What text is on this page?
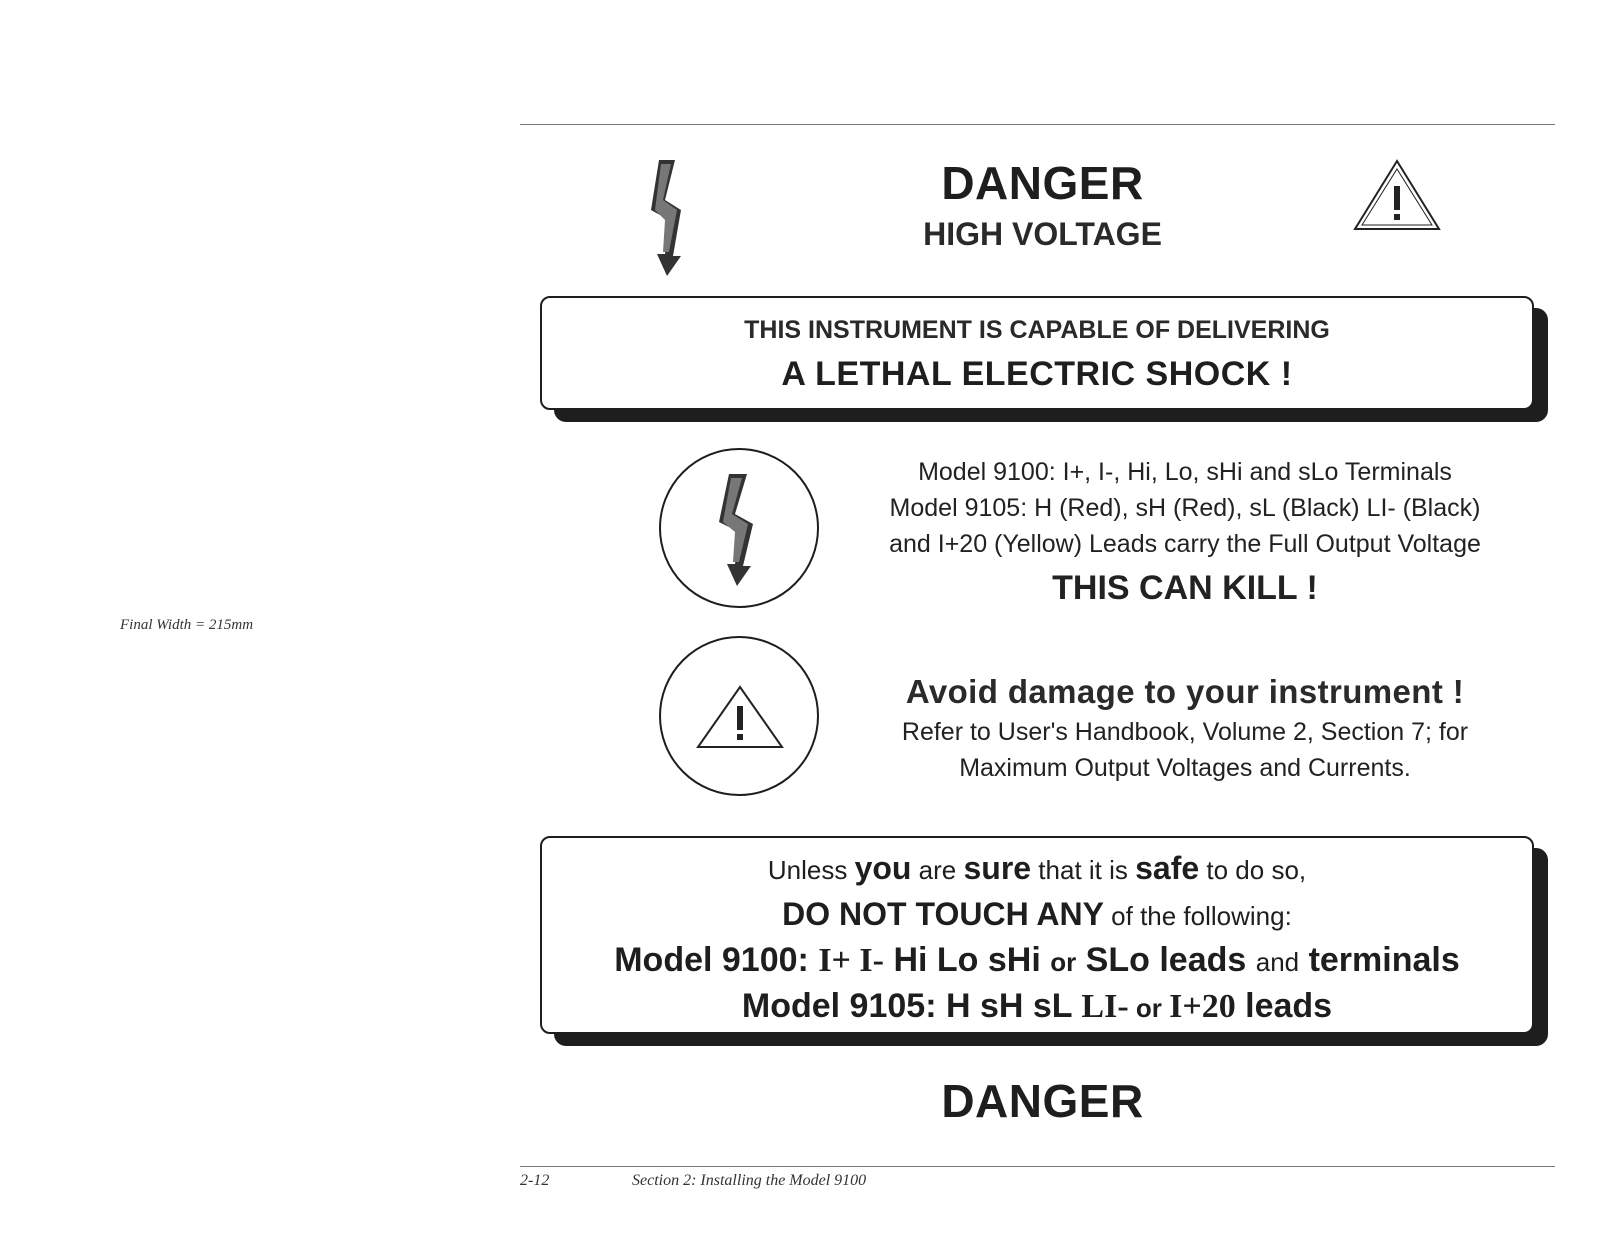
Final Width = 215mm
DANGER
HIGH VOLTAGE
THIS INSTRUMENT IS CAPABLE OF DELIVERING
A LETHAL ELECTRIC SHOCK !
Model 9100: I+, I-, Hi, Lo, sHi and sLo Terminals
Model 9105: H (Red), sH (Red), sL (Black) LI- (Black)
and I+20 (Yellow) Leads carry the Full Output Voltage
THIS CAN KILL !
Avoid damage to your instrument !
Refer to User's Handbook, Volume 2, Section 7; for
Maximum Output Voltages and Currents.
Unless you are sure that it is safe to do so,
DO NOT TOUCH ANY of the following:
Model 9100: I+ I- Hi Lo sHi or SLo leads and terminals
Model 9105: H sH sL LI- or I+20 leads
DANGER
2-12	Section 2: Installing the Model 9100
